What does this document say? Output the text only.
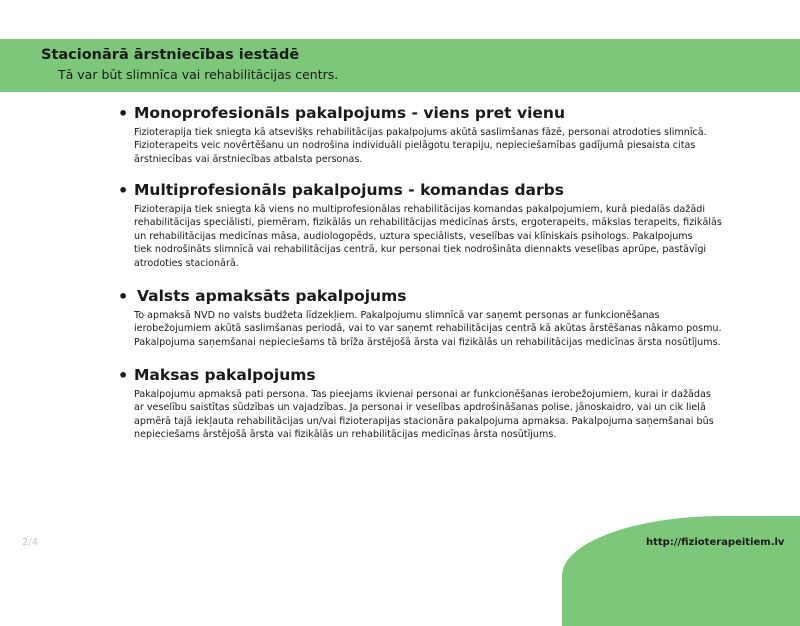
Stacionārā ārstniecības iestādē
Tā var būt slimnīca vai rehabilitācijas centrs.
• Monoprofesionāls pakalpojums - viens pret vienu
Fizioterapija tiek sniegta kā atsevišķs rehabilitācijas pakalpojums akūtā saslimšanas fāzē, personai atrodoties slimnīcā.
Fizioterapeits veic novērtēšanu un nodrošina individuāli pielāgotu terapiju, nepieciešamības gadījumā piesaista citas
ārstniecības vai ārstniecības atbalsta personas.
• Multiprofesionāls pakalpojums - komandas darbs
Fizioterapija tiek sniegta kā viens no multiprofesionālas rehabilitācijas komandas pakalpojumiem, kurā piedalās dažādi
rehabilitācijas speciālisti, piemēram, fizikālās un rehabilitācijas medicīnas ārsts, ergoterapeits, mākslas terapeits, fizikālās
un rehabilitācijas medicīnas māsa, audiologopēds, uztura speciālists, veselības vai klīniskais psihologs. Pakalpojums
tiek nodrošināts slimnīcā vai rehabilitācijas centrā, kur personai tiek nodrošināta diennakts veselības aprūpe, pastāvīgi
atrodoties stacionārā.
• Valsts apmaksāts pakalpojums
To apmaksā NVD no valsts budžeta līdzekļiem. Pakalpojumu slimnīcā var saņemt personas ar funkcionēšanas
ierobežojumiem akūtā saslimšanas periodā, vai to var saņemt rehabilitācijas centrā kā akūtas ārstēšanas nākamo posmu.
Pakalpojuma saņemšanai nepieciešams tā brīža ārstējošā ārsta vai fizikālās un rehabilitācijas medicīnas ārsta nosūtījums.
• Maksas pakalpojums
Pakalpojumu apmaksā pati persona. Tas pieejams ikvienai personai ar funkcionēšanas ierobežojumiem, kurai ir dažādas
ar veselību saistītas sūdzības un vajadzības. Ja personai ir veselības apdrošināšanas polise, jānoskaidro, vai un cik lielā
apmērā tajā iekļauta rehabilitācijas un/vai fizioterapijas stacionāra pakalpojuma apmaksa. Pakalpojuma saņemšanai būs
nepieciešams ārstējošā ārsta vai fizikālās un rehabilitācijas medicīnas ārsta nosūtījums.
2/4	http://fizioterapeitiem.lv
